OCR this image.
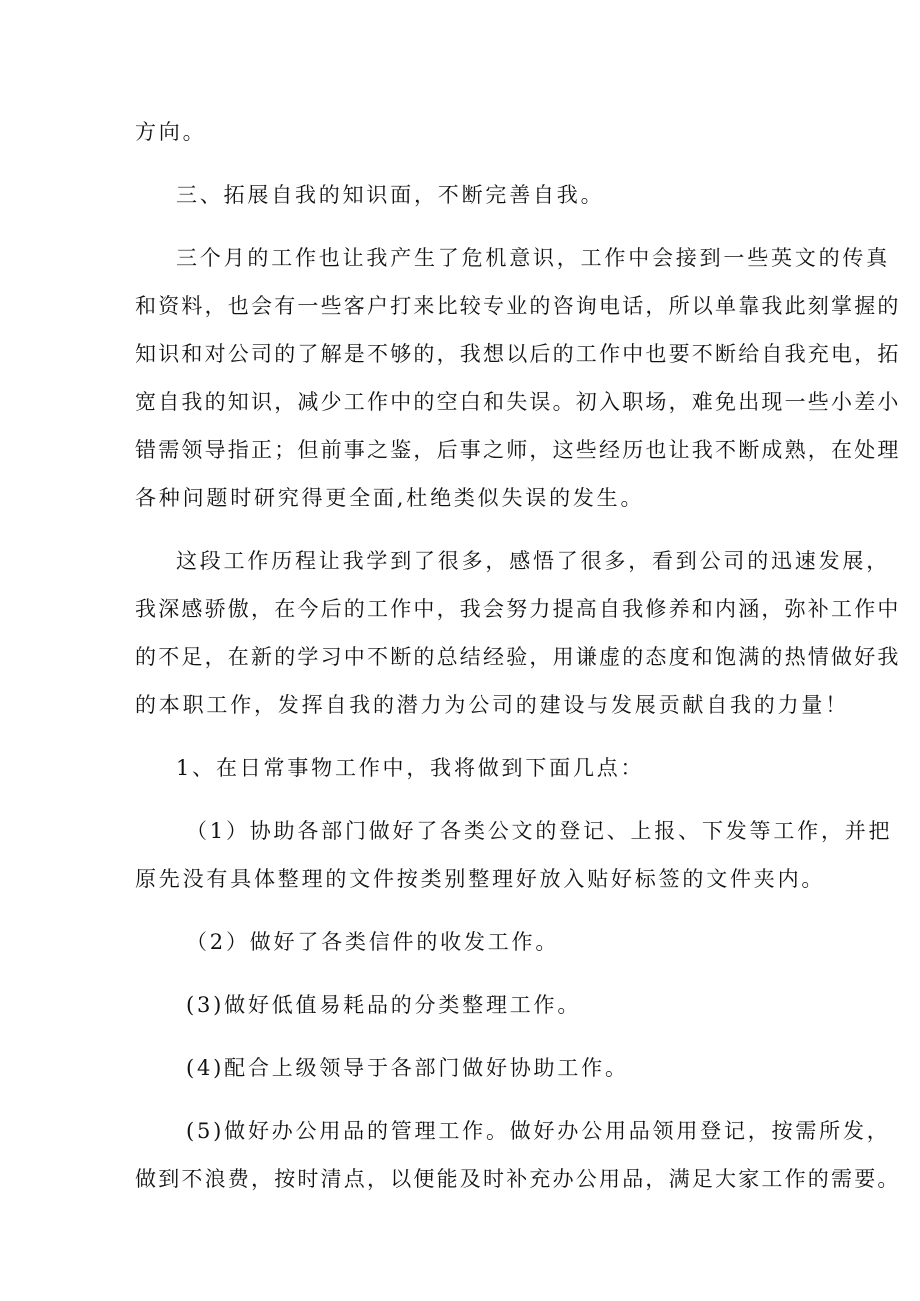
方向。

三、拓展自我的知识面，不断完善自我。

三个月的工作也让我产生了危机意识，工作中会接到一些英文的传真

和资料，也会有一些客户打来比较专业的咨询电话，所以单靠我此刻掌握的

知识和对公司的了解是不够的，我想以后的工作中也要不断给自我充电，拓

宽自我的知识，减少工作中的空白和失误。初入职场，难免出现一些小差小

错需领导指正；但前事之鉴，后事之师，这些经历也让我不断成熟，在处理

各种问题时研究得更全面,杜绝类似失误的发生。

这段工作历程让我学到了很多，感悟了很多，看到公司的迅速发展，

我深感骄傲，在今后的工作中，我会努力提高自我修养和内涵，弥补工作中

的不足，在新的学习中不断的总结经验，用谦虚的态度和饱满的热情做好我

的本职工作，发挥自我的潜力为公司的建设与发展贡献自我的力量！

1、在日常事物工作中，我将做到下面几点：

（1）协助各部门做好了各类公文的登记、上报、下发等工作，并把

原先没有具体整理的文件按类别整理好放入贴好标签的文件夹内。

（2）做好了各类信件的收发工作。

(3)做好低值易耗品的分类整理工作。

(4)配合上级领导于各部门做好协助工作。

(5)做好办公用品的管理工作。做好办公用品领用登记，按需所发，

做到不浪费，按时清点，以便能及时补充办公用品，满足大家工作的需要。
